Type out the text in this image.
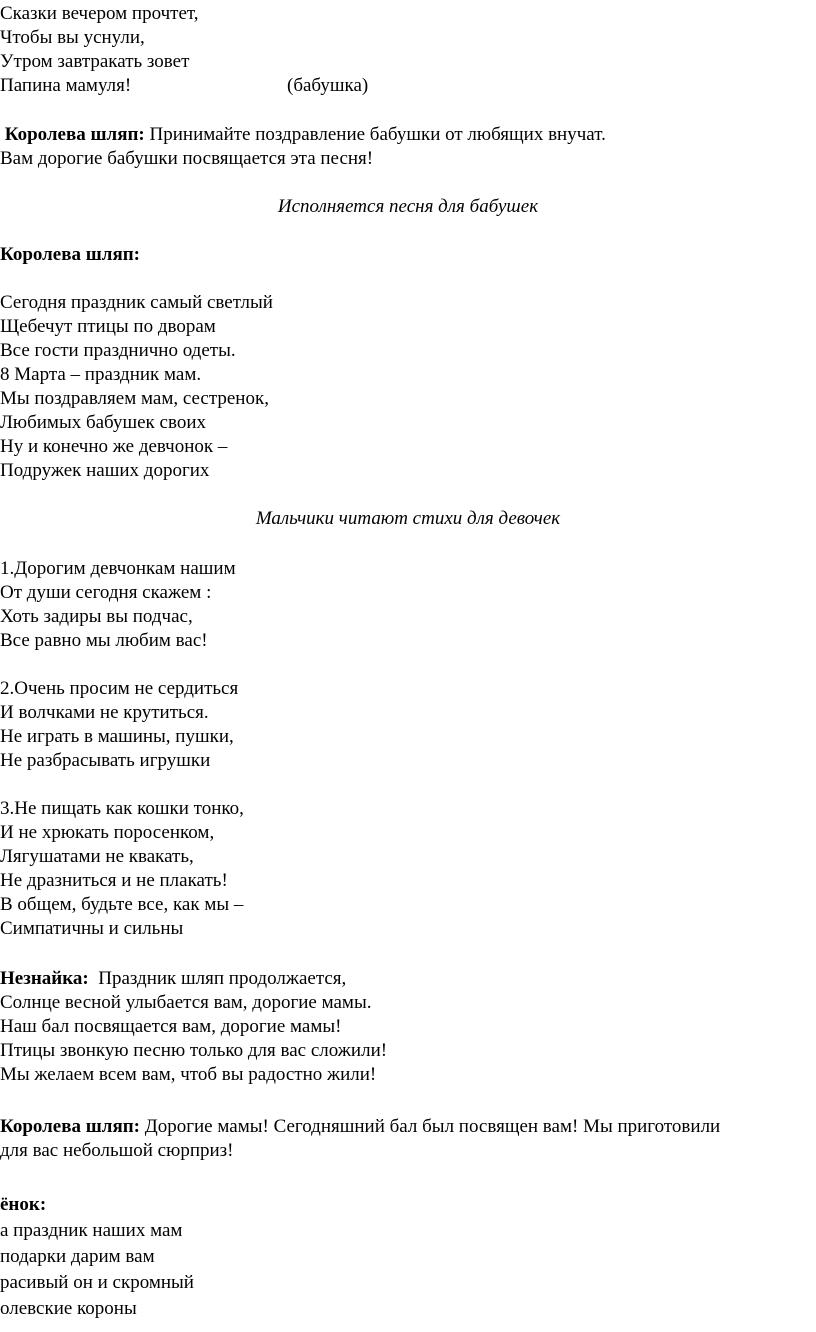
Сказки вечером прочтет,
Чтобы вы уснули,
Утром завтракать зовет
Папина мамуля!	(бабушка)
Королева шляп: Принимайте поздравление бабушки от любящих внучат.
Вам дорогие бабушки посвящается эта песня!
Исполняется песня для бабушек
Королева шляп:
Сегодня праздник самый светлый
Щебечут птицы по дворам
Все гости празднично одеты.
8 Марта – праздник мам.
Мы поздравляем мам, сестренок,
Любимых бабушек своих
Ну и конечно же девчонок –
Подружек наших дорогих
Мальчики читают стихи для девочек
1.Дорогим девчонкам нашим
От души сегодня скажем :
Хоть задиры вы подчас,
Все равно мы любим вас!
2.Очень просим не сердиться
И волчками не крутиться.
Не играть в машины, пушки,
Не разбрасывать игрушки
3.Не пищать как кошки тонко,
И не хрюкать поросенком,
Лягушатами не квакать,
Не дразниться и не плакать!
В общем, будьте все, как мы –
Симпатичны и сильны
Незнайка:  Праздник шляп продолжается,
Солнце весной улыбается вам, дорогие мамы.
Наш бал посвящается вам, дорогие мамы!
Птицы звонкую песню только для вас сложили!
Мы желаем всем вам, чтоб вы радостно жили!
Королева шляп: Дорогие мамы! Сегодняшний бал был посвящен вам! Мы приготовили
для вас небольшой сюрприз!
ёнок:
а праздник наших мам
подарки дарим вам
расивый он и скромный
олевские короны
